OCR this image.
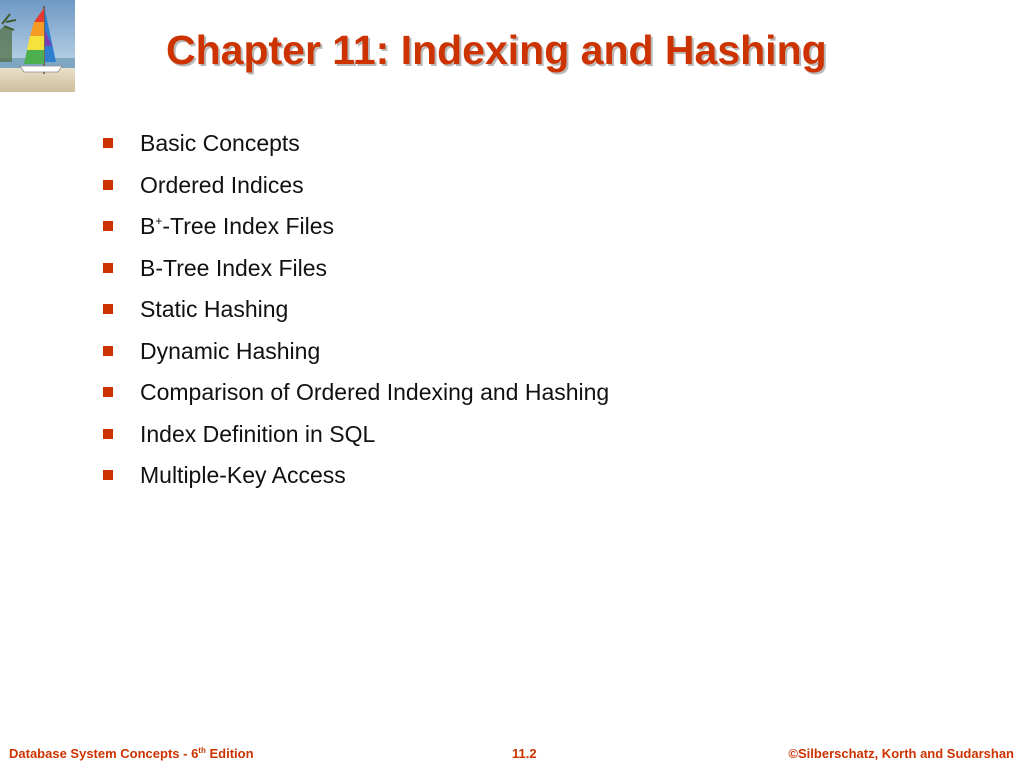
Chapter 11: Indexing and Hashing
Basic Concepts
Ordered Indices
B+-Tree Index Files
B-Tree Index Files
Static Hashing
Dynamic Hashing
Comparison of Ordered Indexing and Hashing
Index Definition in SQL
Multiple-Key Access
Database System Concepts - 6th Edition	11.2	©Silberschatz, Korth and Sudarshan
